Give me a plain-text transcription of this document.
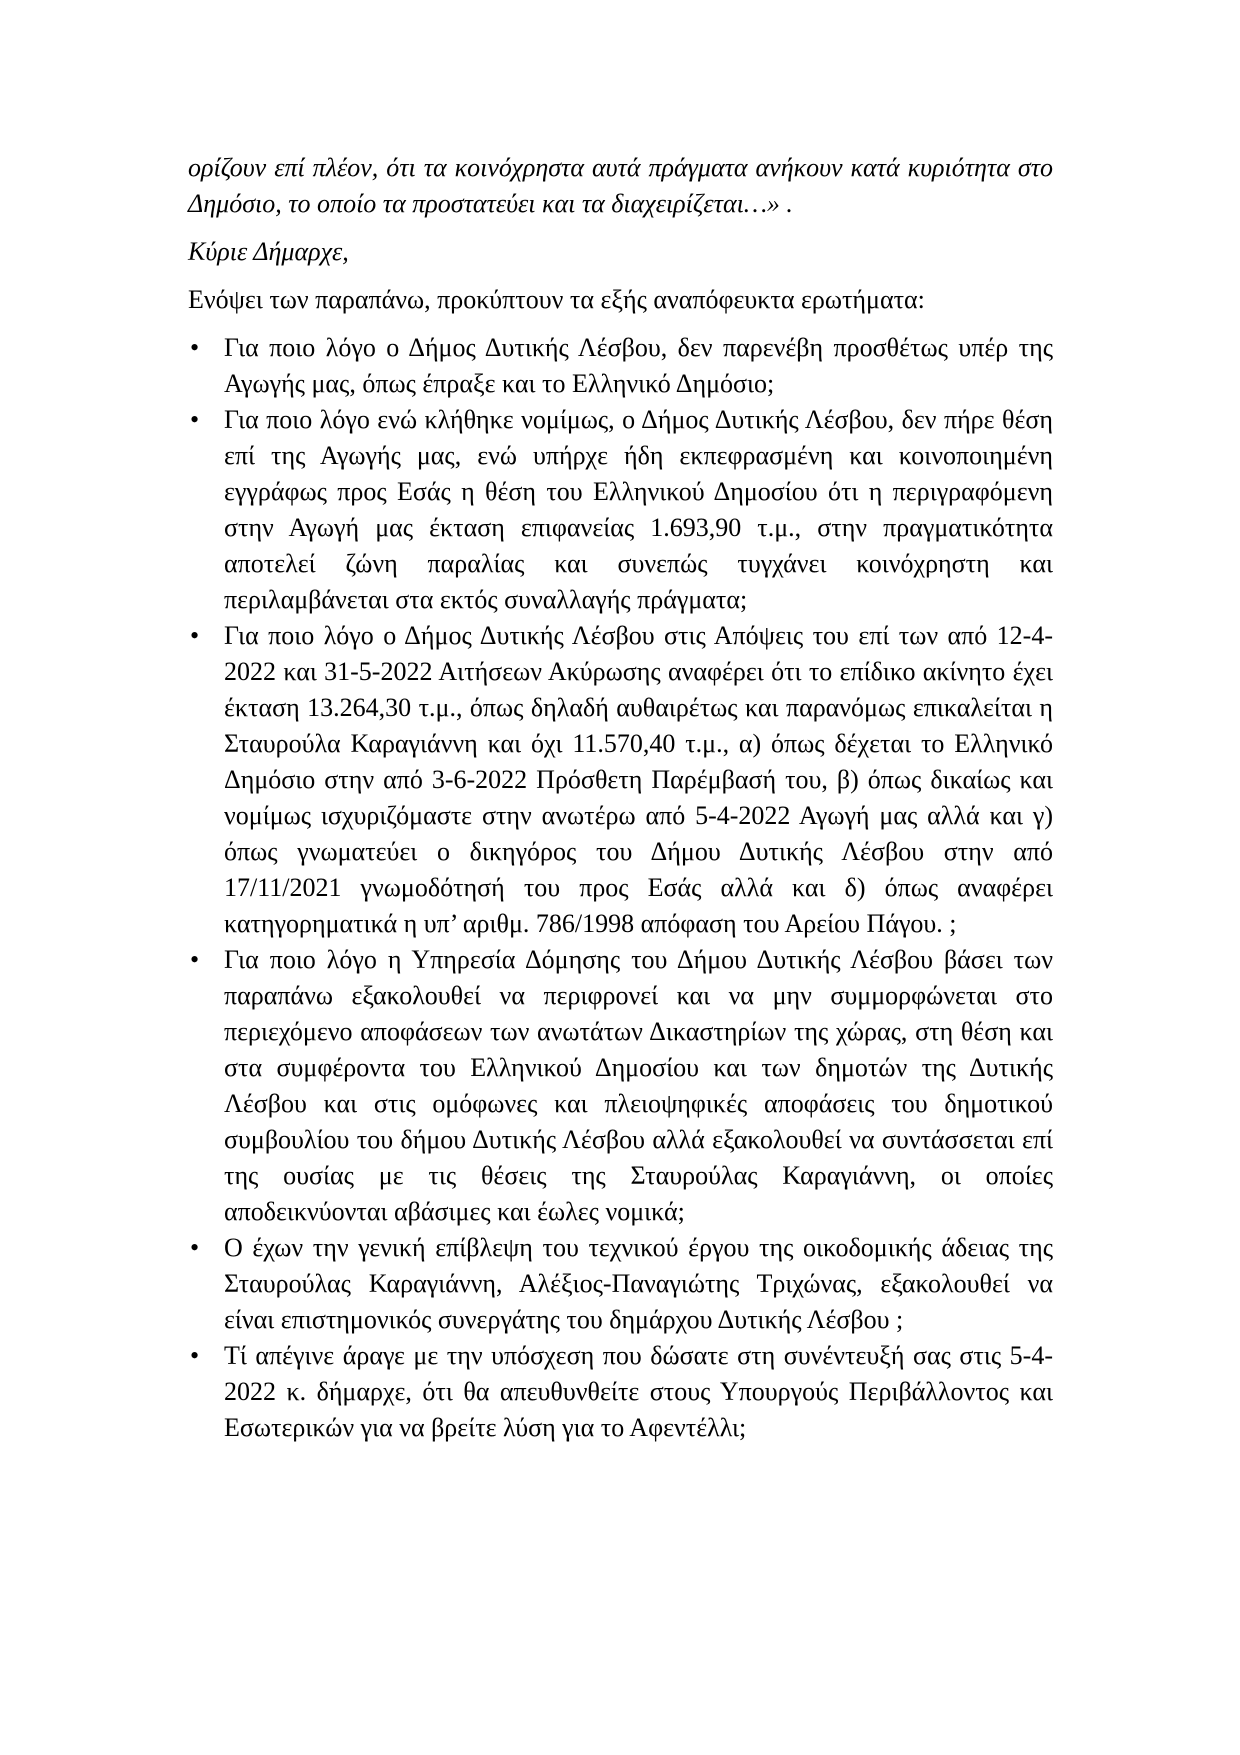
ορίζουν επί πλέον, ότι τα κοινόχρηστα αυτά πράγματα ανήκουν κατά κυριότητα στο Δημόσιο, το οποίο τα προστατεύει και τα διαχειρίζεται…» .

Κύριε Δήμαρχε,

Ενόψει των παραπάνω, προκύπτουν τα εξής αναπόφευκτα ερωτήματα:

• Για ποιο λόγο ο Δήμος Δυτικής Λέσβου, δεν παρενέβη προσθέτως υπέρ της Αγωγής μας, όπως έπραξε και το Ελληνικό Δημόσιο;
• Για ποιο λόγο ενώ κλήθηκε νομίμως, ο Δήμος Δυτικής Λέσβου, δεν πήρε θέση επί της Αγωγής μας, ενώ υπήρχε ήδη εκπεφρασμένη και κοινοποιημένη εγγράφως προς Εσάς η θέση του Ελληνικού Δημοσίου ότι η περιγραφόμενη στην Αγωγή μας έκταση επιφανείας 1.693,90 τ.μ., στην πραγματικότητα αποτελεί ζώνη παραλίας και συνεπώς τυγχάνει κοινόχρηστη και περιλαμβάνεται στα εκτός συναλλαγής πράγματα;
• Για ποιο λόγο ο Δήμος Δυτικής Λέσβου στις Απόψεις του επί των από 12-4-2022 και 31-5-2022 Αιτήσεων Ακύρωσης αναφέρει ότι το επίδικο ακίνητο έχει έκταση 13.264,30 τ.μ., όπως δηλαδή αυθαιρέτως και παρανόμως επικαλείται η Σταυρούλα Καραγιάννη και όχι 11.570,40 τ.μ., α) όπως δέχεται το Ελληνικό Δημόσιο στην από 3-6-2022 Πρόσθετη Παρέμβασή του, β) όπως δικαίως και νομίμως ισχυριζόμαστε στην ανωτέρω από 5-4-2022 Αγωγή μας αλλά και γ) όπως γνωματεύει ο δικηγόρος του Δήμου Δυτικής Λέσβου στην από 17/11/2021 γνωμοδότησή του προς Εσάς αλλά και δ) όπως αναφέρει κατηγορηματικά η υπ’ αριθμ. 786/1998 απόφαση του Αρείου Πάγου. ;
• Για ποιο λόγο η Υπηρεσία Δόμησης του Δήμου Δυτικής Λέσβου βάσει των παραπάνω εξακολουθεί να περιφρονεί και να μην συμμορφώνεται στο περιεχόμενο αποφάσεων των ανωτάτων Δικαστηρίων της χώρας, στη θέση και στα συμφέροντα του Ελληνικού Δημοσίου και των δημοτών της Δυτικής Λέσβου και στις ομόφωνες και πλειοψηφικές αποφάσεις του δημοτικού συμβουλίου του δήμου Δυτικής Λέσβου αλλά εξακολουθεί να συντάσσεται επί της ουσίας με τις θέσεις της Σταυρούλας Καραγιάννη, οι οποίες αποδεικνύονται αβάσιμες και έωλες νομικά;
• Ο έχων την γενική επίβλεψη του τεχνικού έργου της οικοδομικής άδειας της Σταυρούλας Καραγιάννη, Αλέξιος-Παναγιώτης Τριχώνας, εξακολουθεί να είναι επιστημονικός συνεργάτης του δημάρχου Δυτικής Λέσβου ;
• Τί απέγινε άραγε με την υπόσχεση που δώσατε στη συνέντευξή σας στις 5-4-2022 κ. δήμαρχε, ότι θα απευθυνθείτε στους Υπουργούς Περιβάλλοντος και Εσωτερικών για να βρείτε λύση για το Αφεντέλλι;
